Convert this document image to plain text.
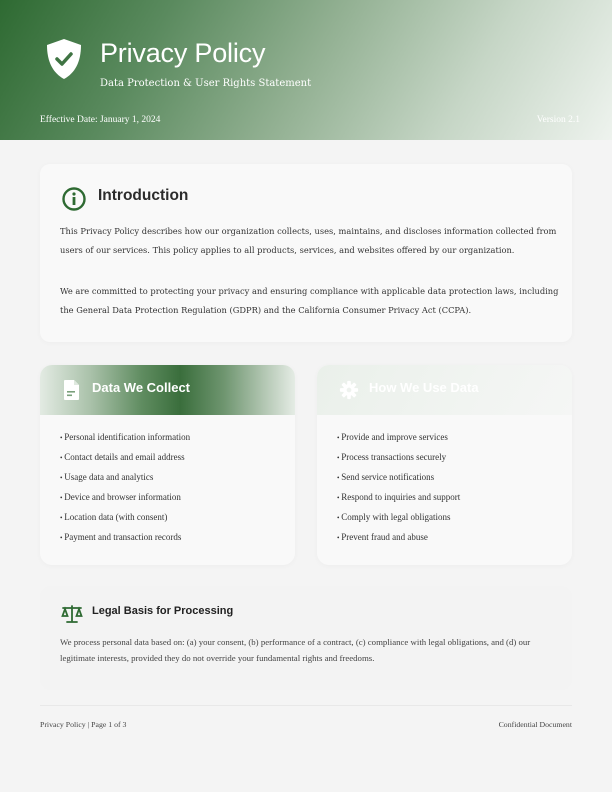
Privacy Policy
Data Protection & User Rights Statement
Effective Date: January 1, 2024	Version 2.1
Introduction

This Privacy Policy describes how our organization collects, uses, maintains, and discloses information collected from users of our services. This policy applies to all products, services, and websites offered by our organization.

We are committed to protecting your privacy and ensuring compliance with applicable data protection laws, including the General Data Protection Regulation (GDPR) and the California Consumer Privacy Act (CCPA).

Data We Collect
• Personal identification information
• Contact details and email address
• Usage data and analytics
• Device and browser information
• Location data (with consent)
• Payment and transaction records
How We Use Data
• Provide and improve services
• Process transactions securely
• Send service notifications
• Respond to inquiries and support
• Comply with legal obligations
• Prevent fraud and abuse
Legal Basis for Processing

We process personal data based on: (a) your consent, (b) performance of a contract, (c) compliance with legal obligations, and (d) our legitimate interests, provided they do not override your fundamental rights and freedoms.

Privacy Policy | Page 1 of 3	Confidential Document
